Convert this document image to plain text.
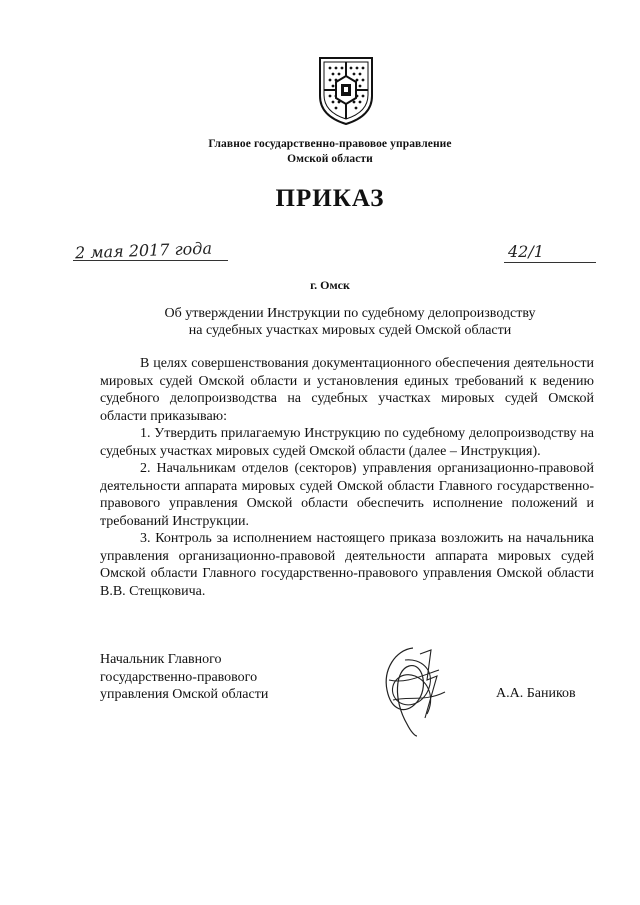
Главное государственно-правовое управление
Омской области
ПРИКАЗ
2 мая 2017 года	42/1
г. Омск
Об утверждении Инструкции по судебному делопроизводству
на судебных участках мировых судей Омской области

В целях совершенствования документационного обеспечения деятельности мировых судей Омской области и установления единых требований к ведению судебного делопроизводства на судебных участках мировых судей Омской области приказываю:

1. Утвердить прилагаемую Инструкцию по судебному делопроизводству на судебных участках мировых судей Омской области (далее – Инструкция).

2. Начальникам отделов (секторов) управления организационно-правовой деятельности аппарата мировых судей Омской области Главного государственно-правового управления Омской области обеспечить исполнение положений и требований Инструкции.

3. Контроль за исполнением настоящего приказа возложить на начальника управления организационно-правовой деятельности аппарата мировых судей Омской области Главного государственно-правового управления Омской области В.В. Стещковича.

Начальник Главного
государственно-правового
управления Омской области	А.А. Баников
